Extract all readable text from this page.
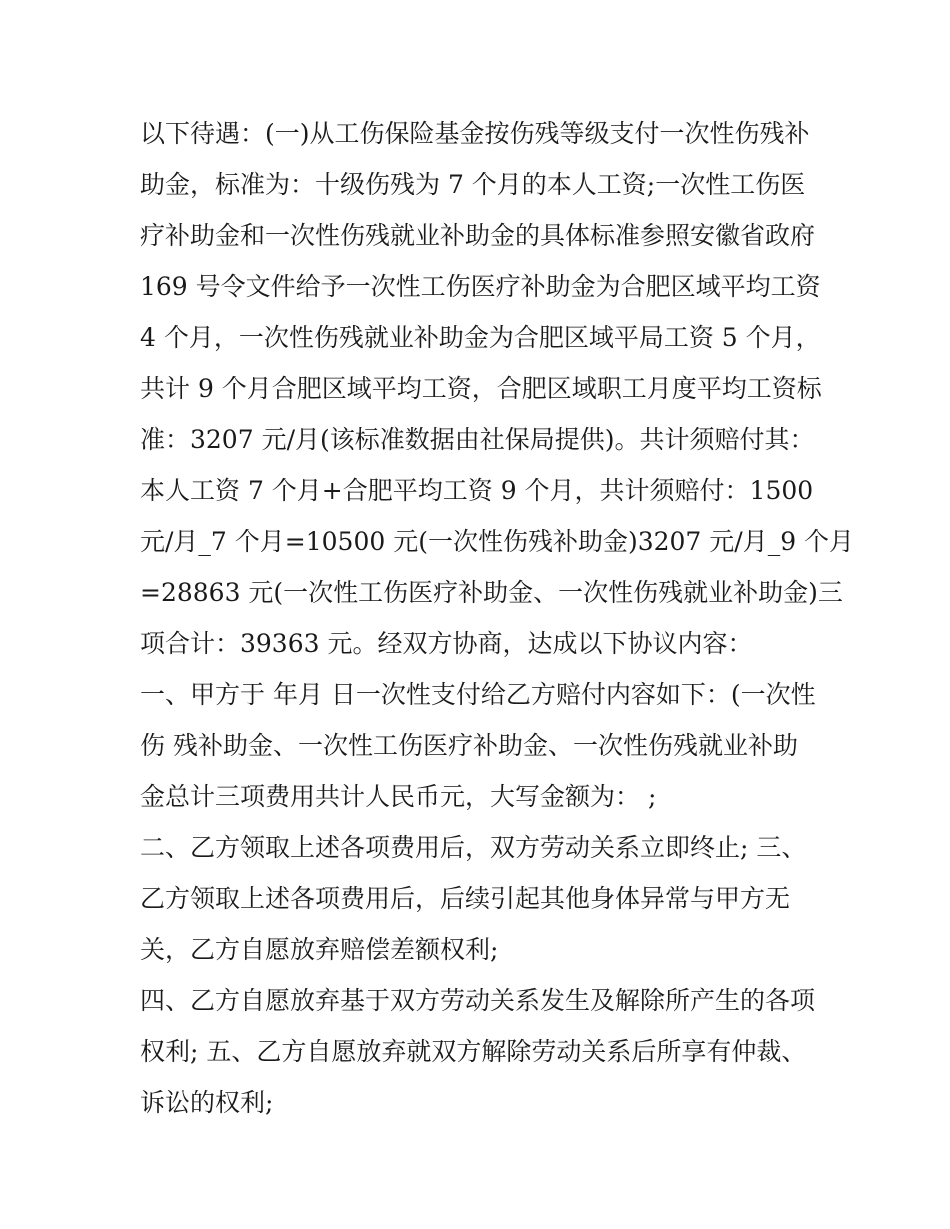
以下待遇：(一)从工伤保险基金按伤残等级支付一次性伤残补
助金，标准为：十级伤残为 7 个月的本人工资;一次性工伤医
疗补助金和一次性伤残就业补助金的具体标准参照安徽省政府
169 号令文件给予一次性工伤医疗补助金为合肥区域平均工资
4 个月，一次性伤残就业补助金为合肥区域平局工资 5 个月，
共计 9 个月合肥区域平均工资，合肥区域职工月度平均工资标
准：3207 元/月(该标准数据由社保局提供)。共计须赔付其：
本人工资 7 个月+合肥平均工资 9 个月，共计须赔付：1500
元/月_7 个月=10500 元(一次性伤残补助金)3207 元/月_9 个月
=28863 元(一次性工伤医疗补助金、一次性伤残就业补助金)三
项合计：39363 元。经双方协商，达成以下协议内容：
一、甲方于 年月 日一次性支付给乙方赔付内容如下：(一次性
伤 残补助金、一次性工伤医疗补助金、一次性伤残就业补助
金总计三项费用共计人民币元，大写金额为： ;
二、乙方领取上述各项费用后，双方劳动关系立即终止; 三、
乙方领取上述各项费用后，后续引起其他身体异常与甲方无
关，乙方自愿放弃赔偿差额权利;
四、乙方自愿放弃基于双方劳动关系发生及解除所产生的各项
权利; 五、乙方自愿放弃就双方解除劳动关系后所享有仲裁、
诉讼的权利;
